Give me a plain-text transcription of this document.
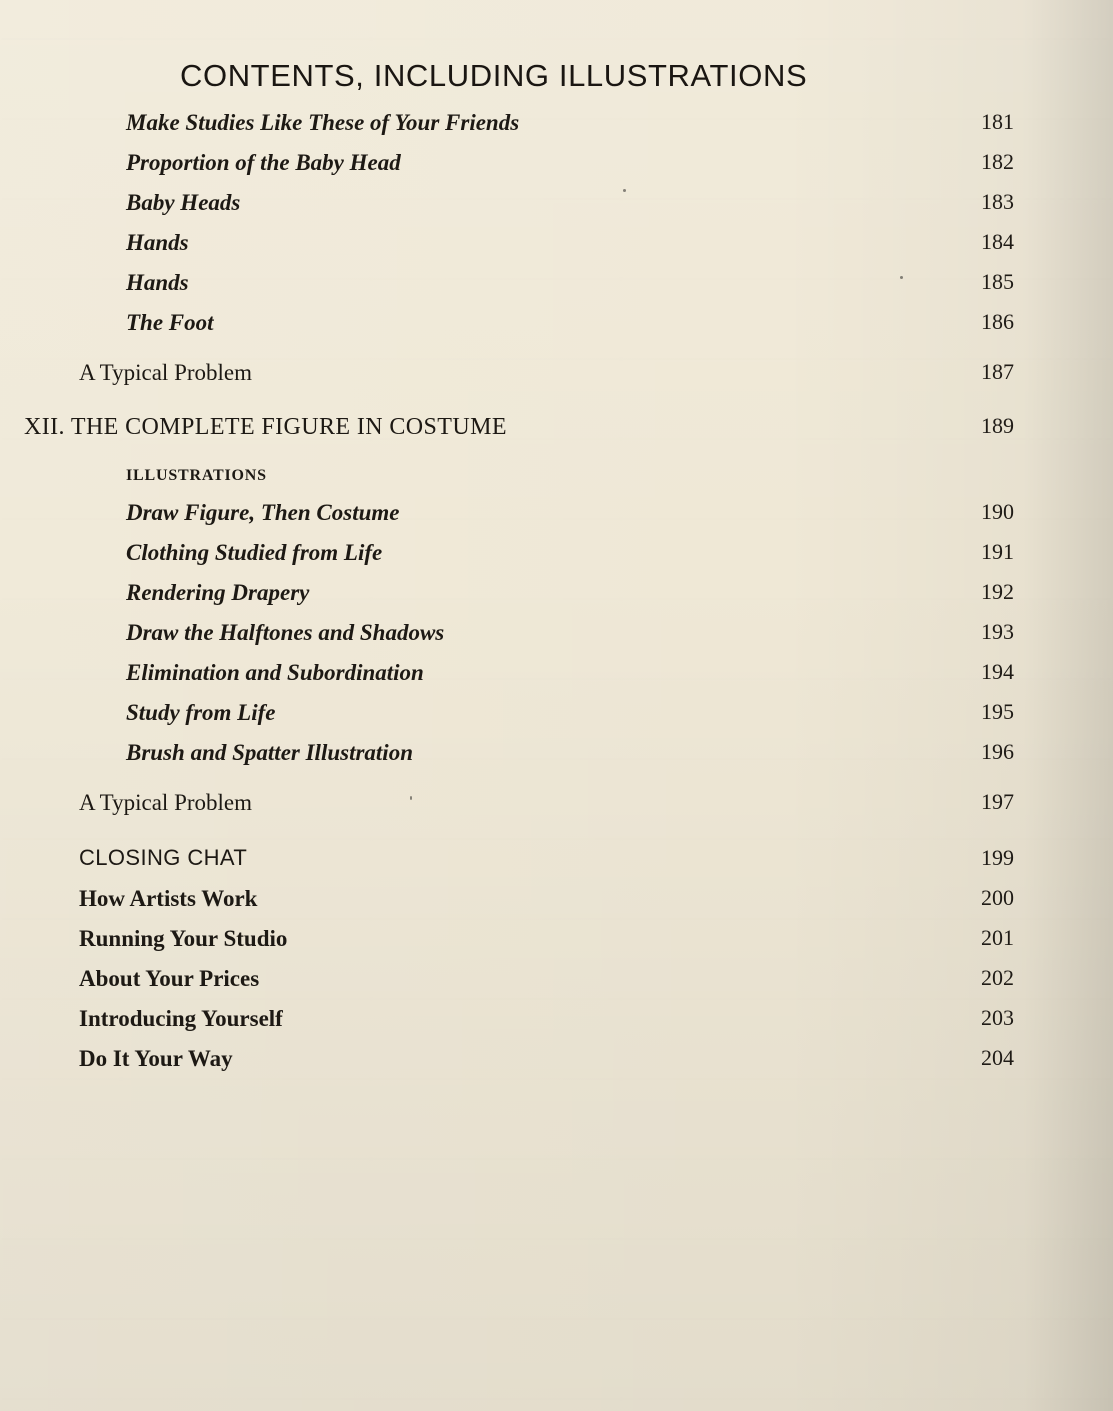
CONTENTS, INCLUDING ILLUSTRATIONS
Make Studies Like These of Your Friends	181
Proportion of the Baby Head	182
Baby Heads	183
Hands	184
Hands	185
The Foot	186
A Typical Problem	187
XII. THE COMPLETE FIGURE IN COSTUME	189
ILLUSTRATIONS
Draw Figure, Then Costume	190
Clothing Studied from Life	191
Rendering Drapery	192
Draw the Halftones and Shadows	193
Elimination and Subordination	194
Study from Life	195
Brush and Spatter Illustration	196
A Typical Problem	197
CLOSING CHAT	199
How Artists Work	200
Running Your Studio	201
About Your Prices	202
Introducing Yourself	203
Do It Your Way	204
